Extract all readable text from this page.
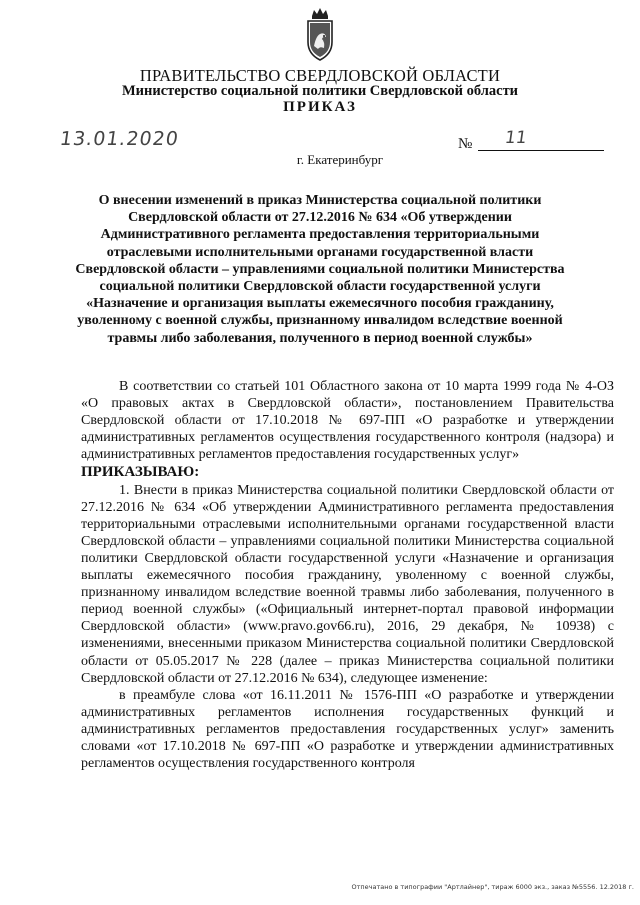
ПРАВИТЕЛЬСТВО СВЕРДЛОВСКОЙ ОБЛАСТИ
Министерство социальной политики Свердловской области
ПРИКАЗ
13.01.2020	№ 11
г. Екатеринбург
О внесении изменений в приказ Министерства социальной политики Свердловской области от 27.12.2016 № 634 «Об утверждении Административного регламента предоставления территориальными отраслевыми исполнительными органами государственной власти Свердловской области – управлениями социальной политики Министерства социальной политики Свердловской области государственной услуги «Назначение и организация выплаты ежемесячного пособия гражданину, уволенному с военной службы, признанному инвалидом вследствие военной травмы либо заболевания, полученного в период военной службы»

В соответствии со статьей 101 Областного закона от 10 марта 1999 года № 4-ОЗ «О правовых актах в Свердловской области», постановлением Правительства Свердловской области от 17.10.2018 № 697-ПП «О разработке и утверждении административных регламентов осуществления государственного контроля (надзора) и административных регламентов предоставления государственных услуг»

ПРИКАЗЫВАЮ:

1. Внести в приказ Министерства социальной политики Свердловской области от 27.12.2016 № 634 «Об утверждении Административного регламента предоставления территориальными отраслевыми исполнительными органами государственной власти Свердловской области – управлениями социальной политики Министерства социальной политики Свердловской области государственной услуги «Назначение и организация выплаты ежемесячного пособия гражданину, уволенному с военной службы, признанному инвалидом вследствие военной травмы либо заболевания, полученного в период военной службы» («Официальный интернет-портал правовой информации Свердловской области» (www.pravo.gov66.ru), 2016, 29 декабря, № 10938) с изменениями, внесенными приказом Министерства социальной политики Свердловской области от 05.05.2017 № 228 (далее – приказ Министерства социальной политики Свердловской области от 27.12.2016 № 634), следующее изменение:

в преамбуле слова «от 16.11.2011 № 1576-ПП «О разработке и утверждении административных регламентов исполнения государственных функций и административных регламентов предоставления государственных услуг» заменить словами «от 17.10.2018 № 697-ПП «О разработке и утверждении административных регламентов осуществления государственного контроля

Отпечатано в типографии "Артлайнер", тираж 6000 экз., заказ №5556. 12.2018 г.
